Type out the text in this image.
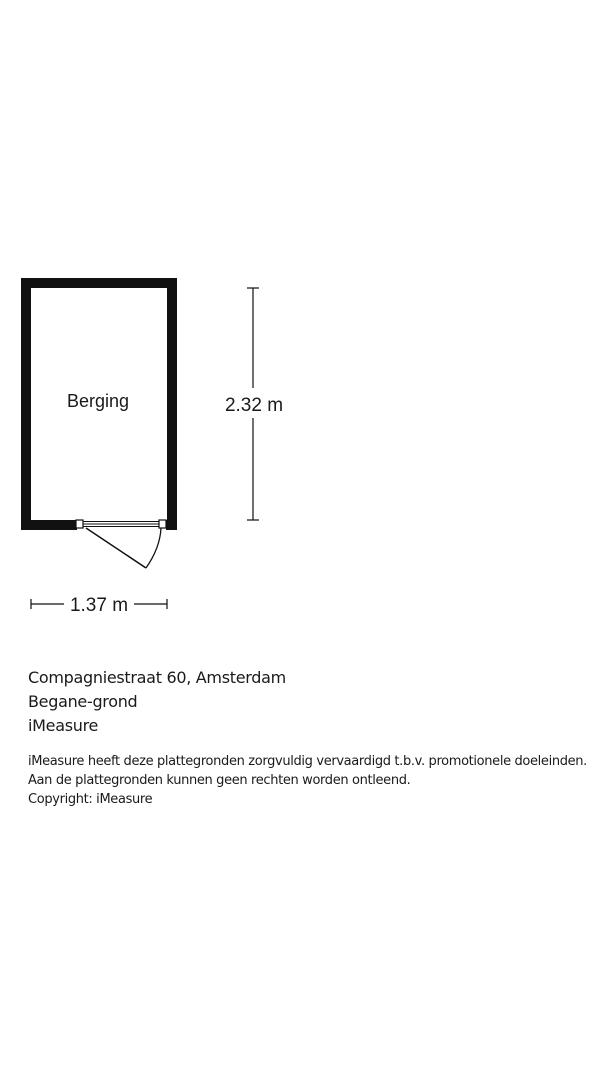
Berging	2.32 m
1.37 m
Compagniestraat 60, Amsterdam
Begane-grond
iMeasure
iMeasure heeft deze plattegronden zorgvuldig vervaardigd t.b.v. promotionele doeleinden.
Aan de plattegronden kunnen geen rechten worden ontleend.
Copyright: iMeasure
